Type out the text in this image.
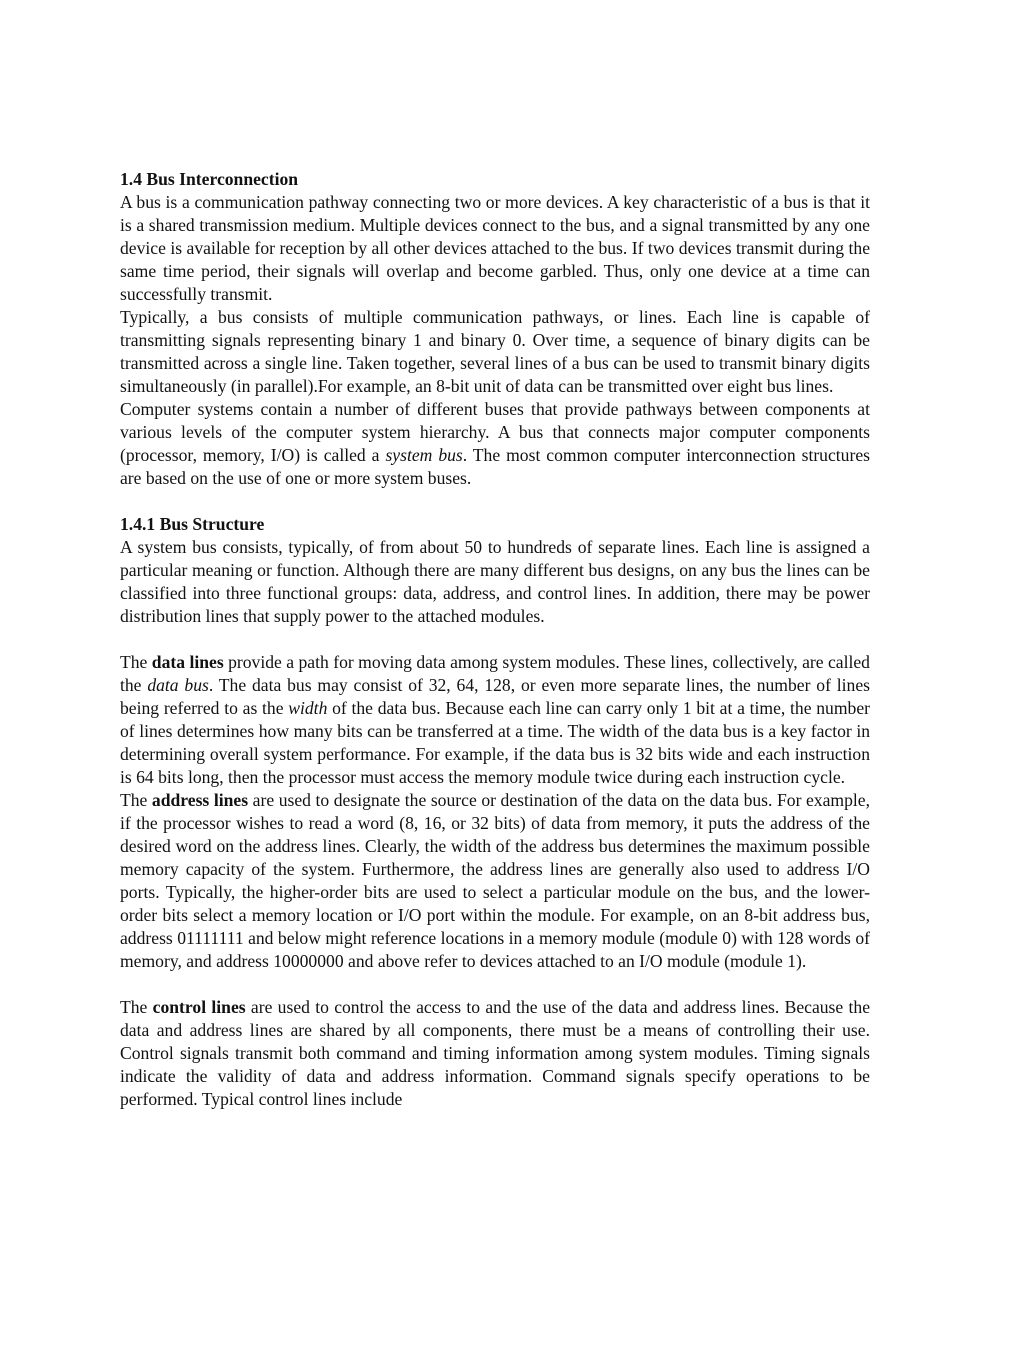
1.4 Bus Interconnection

A bus is a communication pathway connecting two or more devices. A key characteristic of a bus is that it is a shared transmission medium. Multiple devices connect to the bus, and a signal transmitted by any one device is available for reception by all other devices attached to the bus. If two devices transmit during the same time period, their signals will overlap and become garbled. Thus, only one device at a time can successfully transmit.

Typically, a bus consists of multiple communication pathways, or lines. Each line is capable of transmitting signals representing binary 1 and binary 0. Over time, a sequence of binary digits can be transmitted across a single line. Taken together, several lines of a bus can be used to transmit binary digits simultaneously (in parallel).For example, an 8-bit unit of data can be transmitted over eight bus lines.

Computer systems contain a number of different buses that provide pathways between components at various levels of the computer system hierarchy. A bus that connects major computer components (processor, memory, I/O) is called a system bus. The most common computer interconnection structures are based on the use of one or more system buses.

1.4.1 Bus Structure

A system bus consists, typically, of from about 50 to hundreds of separate lines. Each line is assigned a particular meaning or function. Although there are many different bus designs, on any bus the lines can be classified into three functional groups: data, address, and control lines. In addition, there may be power distribution lines that supply power to the attached modules.

The data lines provide a path for moving data among system modules. These lines, collectively, are called the data bus. The data bus may consist of 32, 64, 128, or even more separate lines, the number of lines being referred to as the width of the data bus. Because each line can carry only 1 bit at a time, the number of lines determines how many bits can be transferred at a time. The width of the data bus is a key factor in determining overall system performance. For example, if the data bus is 32 bits wide and each instruction is 64 bits long, then the processor must access the memory module twice during each instruction cycle.

The address lines are used to designate the source or destination of the data on the data bus. For example, if the processor wishes to read a word (8, 16, or 32 bits) of data from memory, it puts the address of the desired word on the address lines. Clearly, the width of the address bus determines the maximum possible memory capacity of the system. Furthermore, the address lines are generally also used to address I/O ports. Typically, the higher-order bits are used to select a particular module on the bus, and the lower-order bits select a memory location or I/O port within the module. For example, on an 8-bit address bus, address 01111111 and below might reference locations in a memory module (module 0) with 128 words of memory, and address 10000000 and above refer to devices attached to an I/O module (module 1).

The control lines are used to control the access to and the use of the data and address lines. Because the data and address lines are shared by all components, there must be a means of controlling their use. Control signals transmit both command and timing information among system modules. Timing signals indicate the validity of data and address information. Command signals specify operations to be performed. Typical control lines include
